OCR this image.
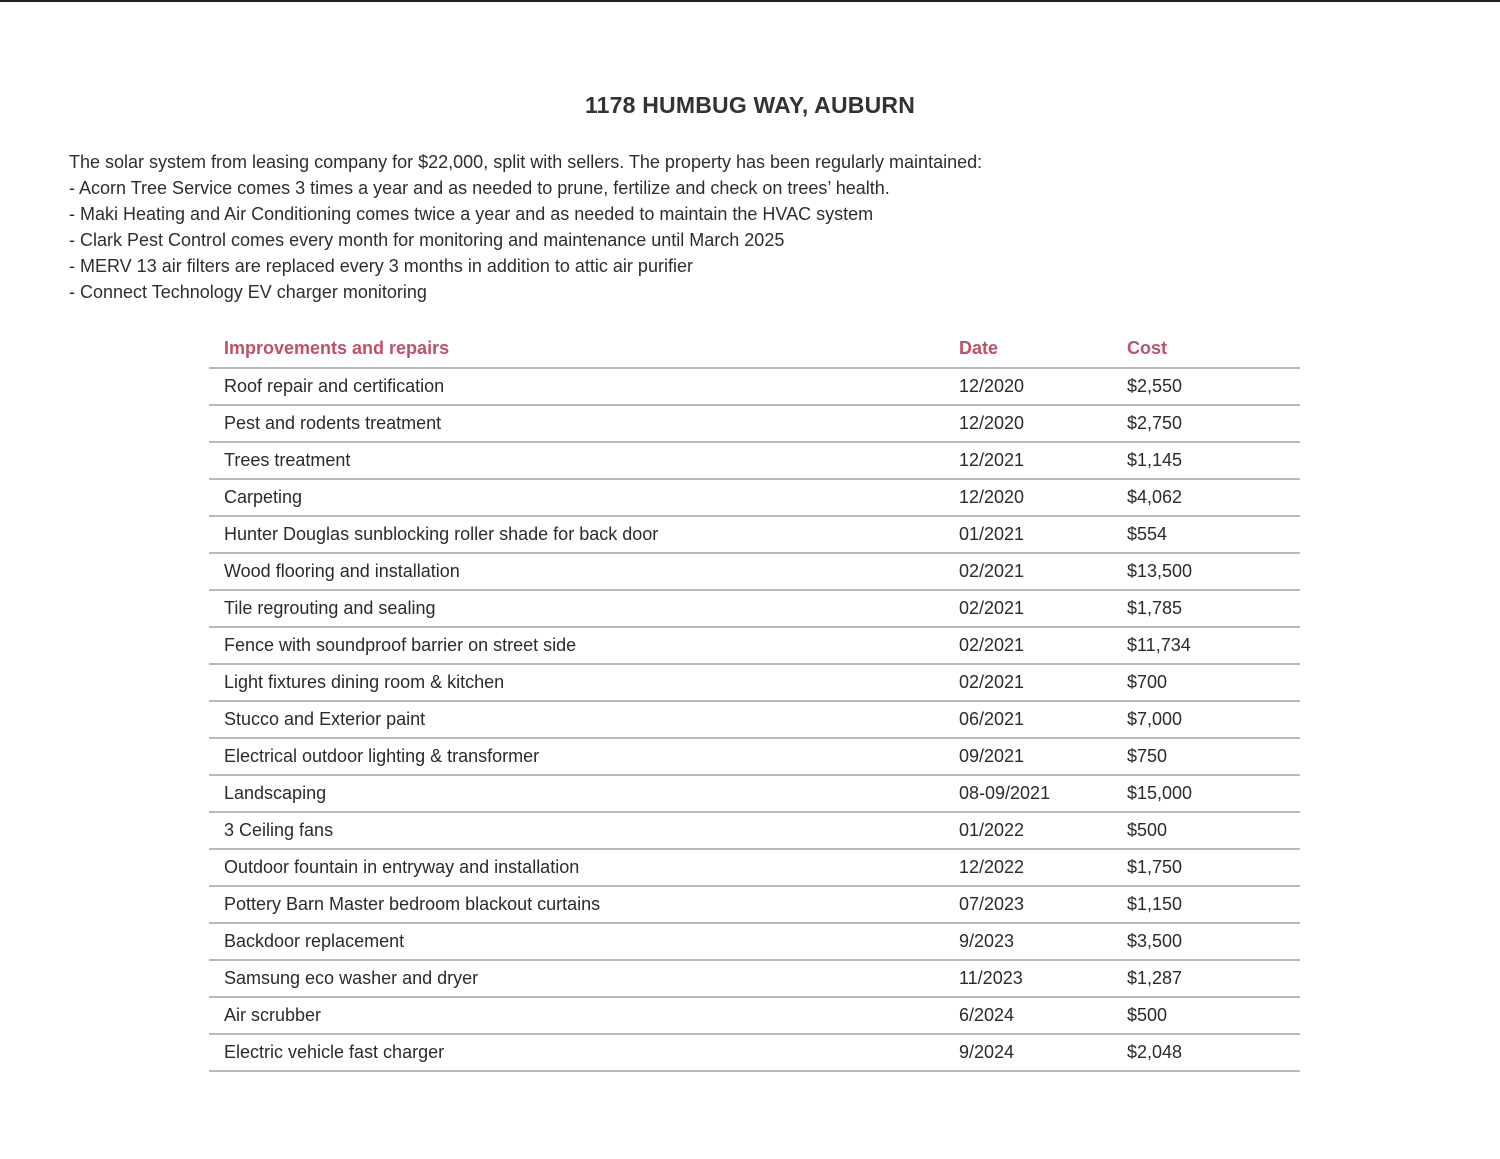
1178 HUMBUG WAY, AUBURN

The solar system from leasing company for $22,000, split with sellers. The property has been regularly maintained:

- Acorn Tree Service comes 3 times a year and as needed to prune, fertilize and check on trees’ health.
- Maki Heating and Air Conditioning comes twice a year and as needed to maintain the HVAC system
- Clark Pest Control comes every month for monitoring and maintenance until March 2025
- MERV 13 air filters are replaced every 3 months in addition to attic air purifier
- Connect Technology EV charger monitoring
Improvements and repairs	Date	Cost
Roof repair and certification	12/2020	$2,550
Pest and rodents treatment	12/2020	$2,750
Trees treatment	12/2021	$1,145
Carpeting	12/2020	$4,062
Hunter Douglas sunblocking roller shade for back door	01/2021	$554
Wood flooring and installation	02/2021	$13,500
Tile regrouting and sealing	02/2021	$1,785
Fence with soundproof barrier on street side	02/2021	$11,734
Light fixtures dining room & kitchen	02/2021	$700
Stucco and Exterior paint	06/2021	$7,000
Electrical outdoor lighting & transformer	09/2021	$750
Landscaping	08-09/2021	$15,000
3 Ceiling fans	01/2022	$500
Outdoor fountain in entryway and installation	12/2022	$1,750
Pottery Barn Master bedroom blackout curtains	07/2023	$1,150
Backdoor replacement	9/2023	$3,500
Samsung eco washer and dryer	11/2023	$1,287
Air scrubber	6/2024	$500
Electric vehicle fast charger	9/2024	$2,048
